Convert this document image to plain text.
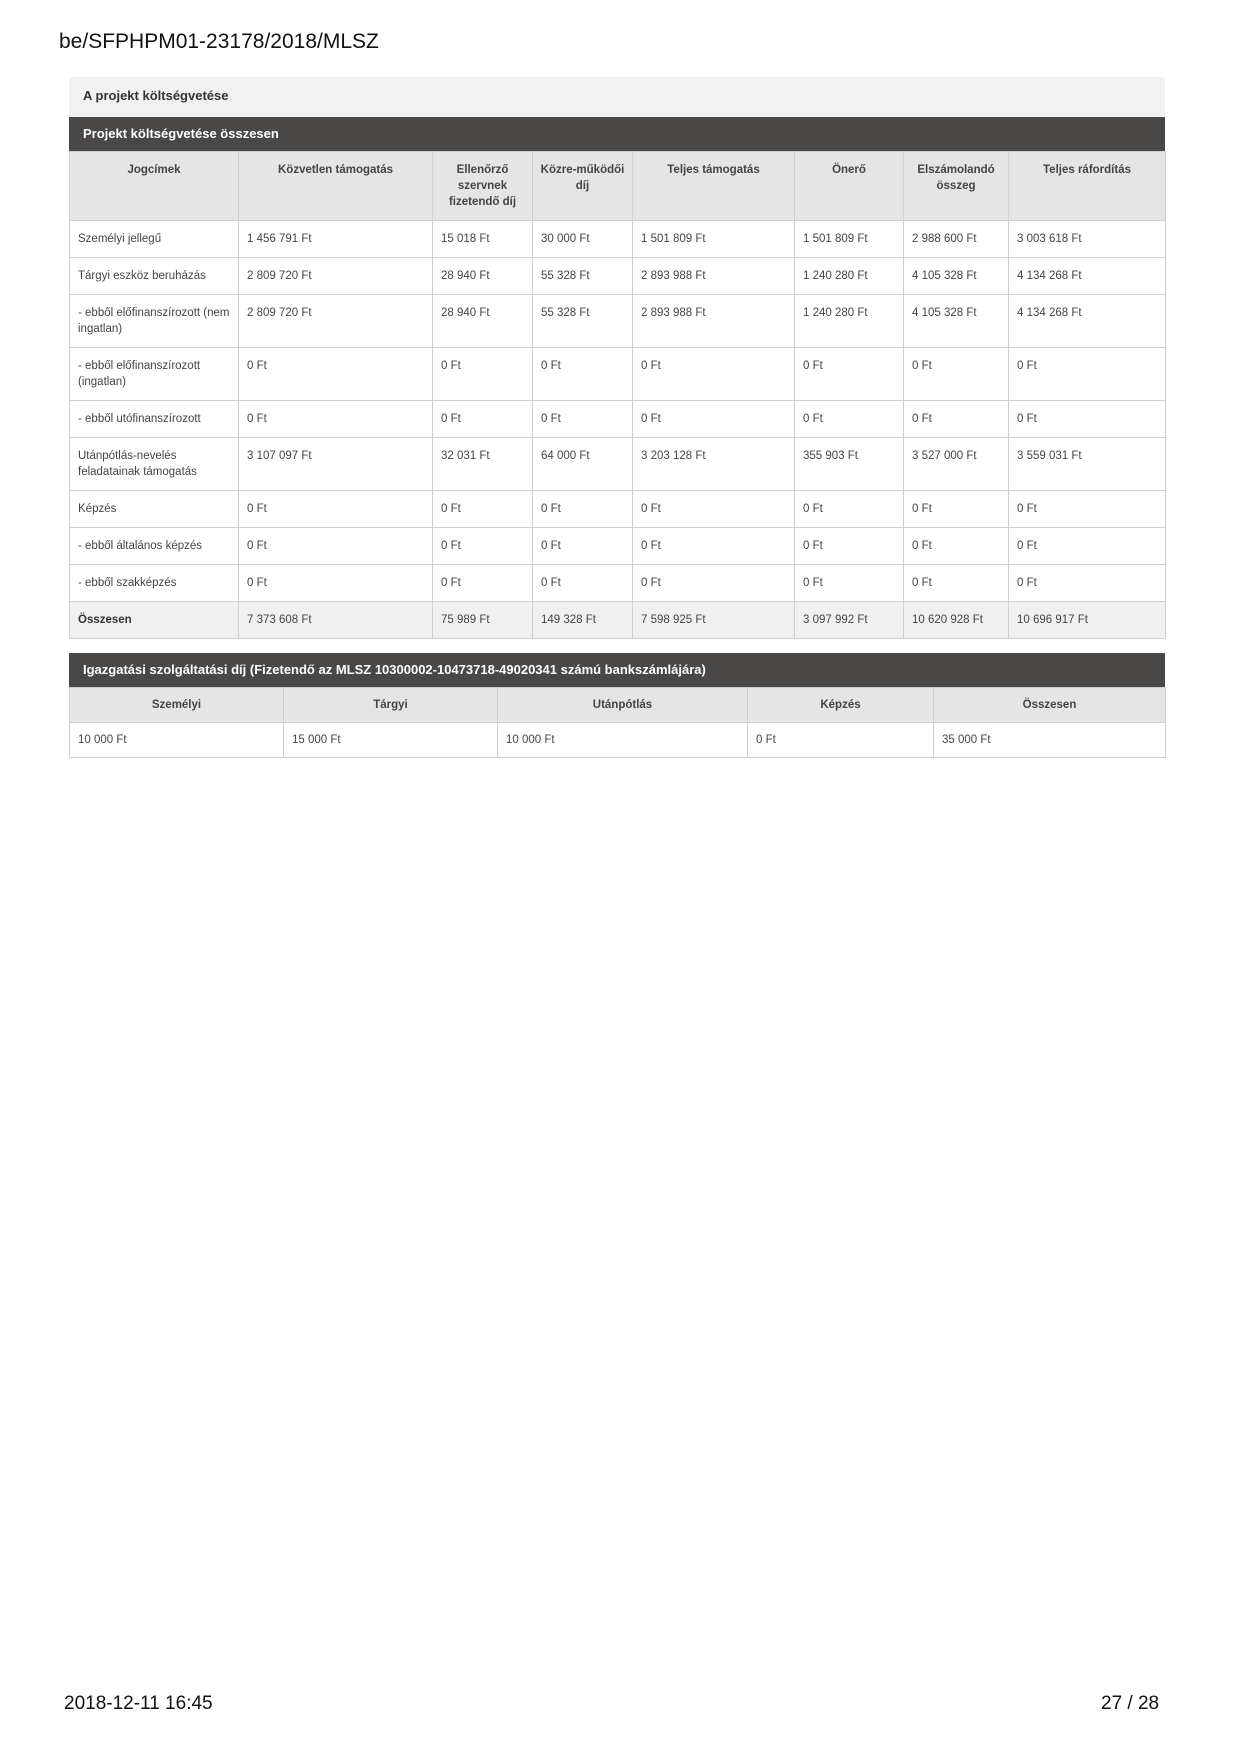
be/SFPHPM01-23178/2018/MLSZ
A projekt költségvetése
Projekt költségvetése összesen
Jogcímek	Közvetlen támogatás	Ellenőrző szervnek fizetendő díj	Közre-működői díj	Teljes támogatás	Önerő	Elszámolandó összeg	Teljes ráfordítás
Személyi jellegű	1 456 791 Ft	15 018 Ft	30 000 Ft	1 501 809 Ft	1 501 809 Ft	2 988 600 Ft	3 003 618 Ft
Tárgyi eszköz beruházás	2 809 720 Ft	28 940 Ft	55 328 Ft	2 893 988 Ft	1 240 280 Ft	4 105 328 Ft	4 134 268 Ft
- ebből előfinanszírozott (nem ingatlan)	2 809 720 Ft	28 940 Ft	55 328 Ft	2 893 988 Ft	1 240 280 Ft	4 105 328 Ft	4 134 268 Ft
- ebből előfinanszírozott (ingatlan)	0 Ft	0 Ft	0 Ft	0 Ft	0 Ft	0 Ft	0 Ft
- ebből utófinanszírozott	0 Ft	0 Ft	0 Ft	0 Ft	0 Ft	0 Ft	0 Ft
Utánpótlás-nevelés feladatainak támogatás	3 107 097 Ft	32 031 Ft	64 000 Ft	3 203 128 Ft	355 903 Ft	3 527 000 Ft	3 559 031 Ft
Képzés	0 Ft	0 Ft	0 Ft	0 Ft	0 Ft	0 Ft	0 Ft
- ebből általános képzés	0 Ft	0 Ft	0 Ft	0 Ft	0 Ft	0 Ft	0 Ft
- ebből szakképzés	0 Ft	0 Ft	0 Ft	0 Ft	0 Ft	0 Ft	0 Ft
Összesen	7 373 608 Ft	75 989 Ft	149 328 Ft	7 598 925 Ft	3 097 992 Ft	10 620 928 Ft	10 696 917 Ft
Igazgatási szolgáltatási díj (Fizetendő az MLSZ 10300002-10473718-49020341 számú bankszámlájára)
Személyi	Tárgyi	Utánpótlás	Képzés	Összesen
10 000 Ft	15 000 Ft	10 000 Ft	0 Ft	35 000 Ft
2018-12-11 16:45	27 / 28
